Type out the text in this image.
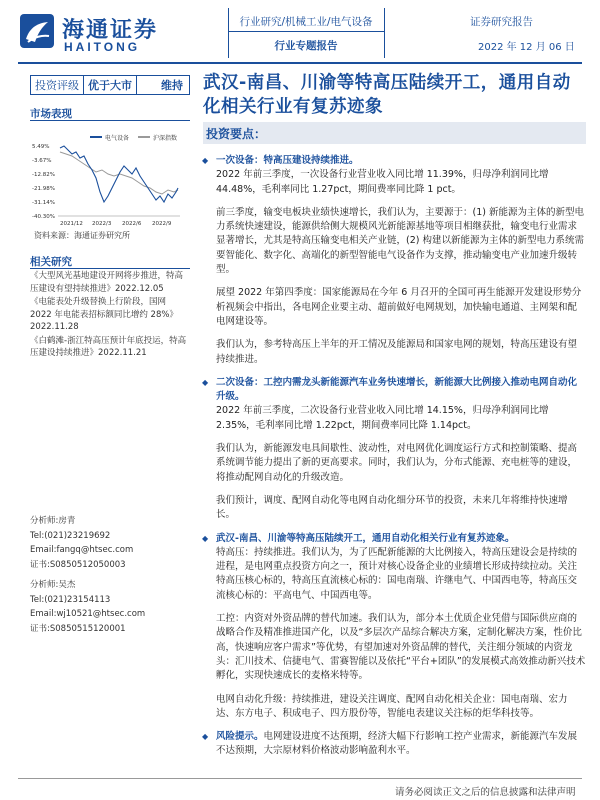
海通证券
HAITONG
行业研究/机械工业/电气设备
行业专题报告
证券研究报告
2022 年 12 月 06 日
投资评级 优于大市	维持	武汉-南昌、川渝等特高压陆续开工，通用自动化相关行业有复苏迹象
市场表现
电气设备	沪深指数
5.49%
-3.67%
-12.82%
-21.98%
-31.14%
-40.30%
2021/12 2022/3 2022/6 2022/9
资料来源：海通证券研究所
相关研究

《大型风光基地建设开网将步推进，特高压建设有望持续推进》2022.12.05

《电能表处升级替换上行阶段，国网 2022 年电能表招标额同比增约 28%》2022.11.28

《白鹤滩-浙江特高压预计年底投运，特高压建设持续推进》2022.11.21

分析师:房青
Tel:(021)23219692
Email:fangq@htsec.com
证书:S0850512050003
分析师:吴杰
Tel:(021)23154113
Email:wj10521@htsec.com
证书:S0850515120001
投资要点：
◆ 一次设备：特高压建设持续推进。
2022 年前三季度，一次设备行业营业收入同比增 11.39%，归母净利润同比增 44.48%，毛利率同比 1.27pct，期间费率同比降 1 pct。
前三季度，输变电板块业绩快速增长，我们认为，主要源于：(1) 新能源为主体的新型电力系统快速建设，能源供给侧大规模风光新能源基地等项目相继获批，输变电行业需求显著增长，尤其是特高压输变电相关产业链，(2) 构建以新能源为主体的新型电力系统需要智能化、数字化、高端化的新型智能电气设备作为支撑，推动输变电产业加速升级转型。
展望 2022 年第四季度：国家能源局在今年 6 月召开的全国可再生能源开发建设形势分析视频会中指出，各电网企业要主动、超前做好电网规划，加快输电通道、主网架和配电网建设等。
我们认为，参考特高压上半年的开工情况及能源局和国家电网的规划，特高压建设有望持续推进。
◆ 二次设备：工控内需龙头新能源汽车业务快速增长，新能源大比例接入推动电网自动化升级。
2022 年前三季度，二次设备行业营业收入同比增 14.15%，归母净利润同比增 2.35%，毛利率同比增 1.22pct，期间费率同比降 1.14pct。
我们认为，新能源发电具间歇性、波动性，对电网优化调度运行方式和控制策略、提高系统调节能力提出了新的更高要求。同时，我们认为，分布式能源、充电桩等的建设，将推动配网自动化的升级改造。
我们预计，调度、配网自动化等电网自动化细分环节的投资，未来几年将维持快速增长。
◆ 武汉-南昌、川渝等特高压陆续开工，通用自动化相关行业有复苏迹象。
特高压：持续推进。我们认为，为了匹配新能源的大比例接入，特高压建设会是持续的进程，是电网重点投资方向之一，预计对核心设备企业的业绩增长形成持续拉动。关注特高压核心标的，特高压直流核心标的：国电南瑞、许继电气、中国西电等，特高压交流核心标的：平高电气、中国西电等。
工控：内资对外资品牌的替代加速。我们认为，部分本土优质企业凭借与国际供应商的战略合作及精准推进国产化，以及“多层次产品综合解决方案，定制化解决方案，性价比高，快速响应客户需求”等优势，有望加速对外资品牌的替代，关注细分领域的内资龙头：汇川技术、信捷电气、雷赛智能以及依托“平台+团队”的发展模式高效推动新兴技术孵化，实现快速成长的麦格米特等。
电网自动化升级：持续推进，建设关注调度、配网自动化相关企业：国电南瑞、宏力达、东方电子、积成电子、四方股份等，智能电表建议关注标的炬华科技等。
◆ 风险提示。电网建设进度不达预期，经济大幅下行影响工控产业需求，新能源汽车发展不达预期，大宗原材料价格波动影响盈利水平。
请务必阅读正文之后的信息披露和法律声明
